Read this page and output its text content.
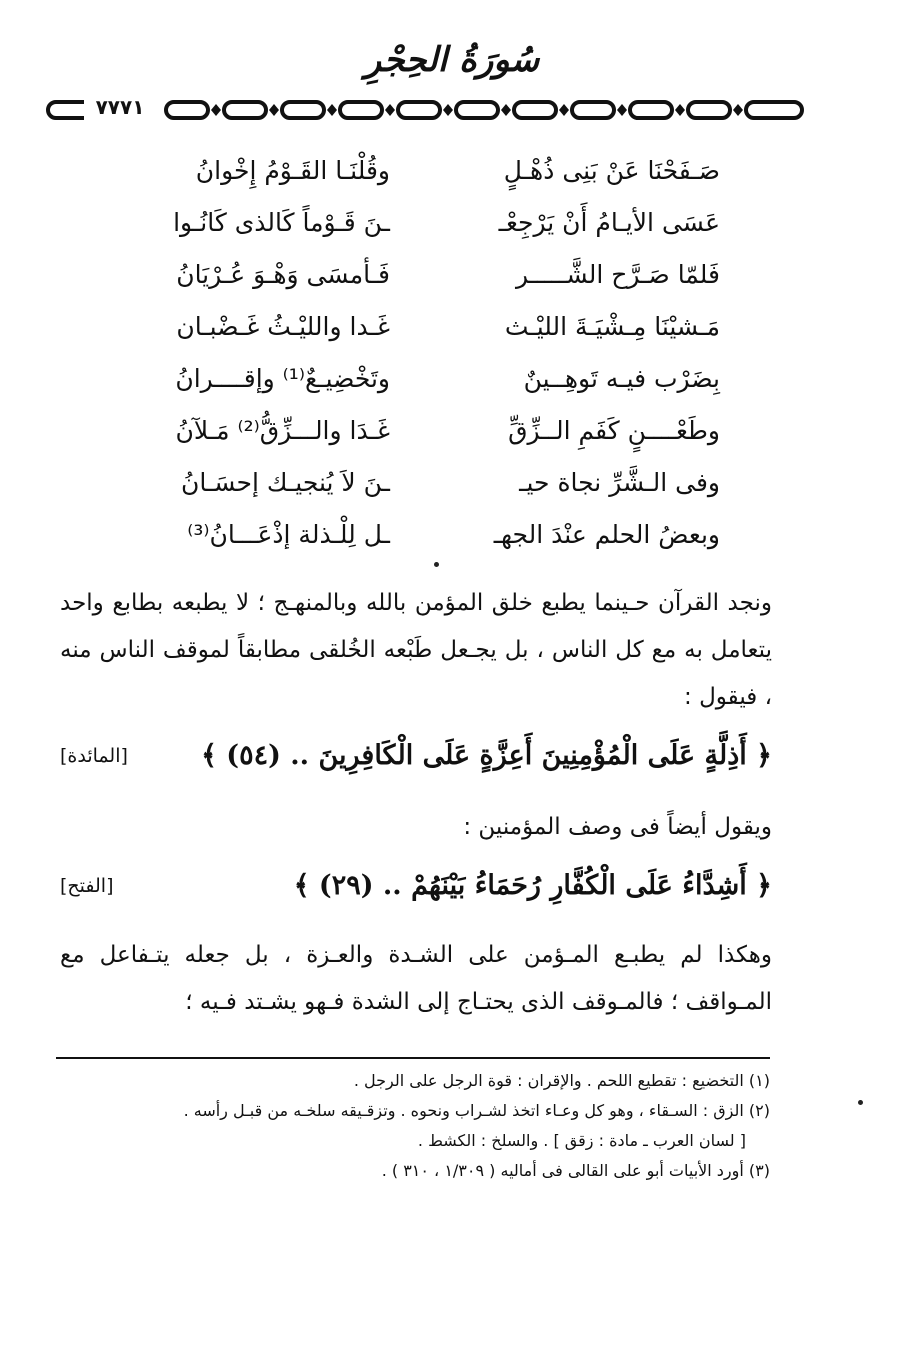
سُورَةُ الحِجْرِ
٧٧٧١
صَـفَحْنَا عَنْ بَنِى ذُهْـلٍ
وقُلْنَـا القَـوْمُ إِخْوانُ
عَسَى الأيـامُ أَنْ يَرْجِعْـ
ـنَ قَـوْماً كَالذى كَانُـوا
فَلمّا صَـرَّح الشَّـــــر
فَـأمسَى وَهْـوَ عُـرْيَانُ
مَـشيْنَا مِـشْيَـةَ الليْـث
غَـدا والليْـثُ غَـضْبـان
بِضَرْب فيـه تَوهِــينٌ
وتَخْضِيـعٌ⁽¹⁾ وإقــــرانُ
وطَعْــــنٍ كَفَمِ الــزِّقِّ
غَـدَا والـــزِّقُّ⁽²⁾ مَـلآنُ
وفى الـشَّرِّ نجاة حيـ
ـنَ لاَ يُنجيـك إحسَـانُ
وبعضُ الحلم عنْدَ الجهـ
ـل لِلْـذلة إذْعَـــانُ⁽³⁾
ونجد القرآن حـينما يطبع خلق المؤمن بالله وبالمنهـج ؛ لا يطبعه بطابع واحد يتعامل به مع كل الناس ، بل يجـعل طَبْعه الخُلقى مطابقاً لموقف الناس منه ، فيقول :
﴿ أَذِلَّةٍ عَلَى الْمُؤْمِنِينَ أَعِزَّةٍ عَلَى الْكَافِرِينَ .. (٥٤) ﴾
[المائدة]
ويقول أيضاً فى وصف المؤمنين :
﴿ أَشِدَّاءُ عَلَى الْكُفَّارِ رُحَمَاءُ بَيْنَهُمْ .. (٢٩) ﴾
[الفتح]
وهكذا لم يطبـع المـؤمن على الشـدة والعـزة ، بل جعله يتـفاعل مع المـواقف ؛ فالمـوقف الذى يحتـاج إلى الشدة فـهو يشـتد فـيه ؛
(١) التخضيع : تقطيع اللحم . والإقران : قوة الرجل على الرجل .
(٢) الزق : السـقاء ، وهو كل وعـاء اتخذ لشـراب ونحوه . وتزقـيقه سلخـه من قبـل رأسه .
[ لسان العرب ـ مادة : زقق ] . والسلخ : الكشط .
(٣) أورد الأبيات أبو على القالى فى أماليه ( ١/٣٠٩ ، ٣١٠ ) .
